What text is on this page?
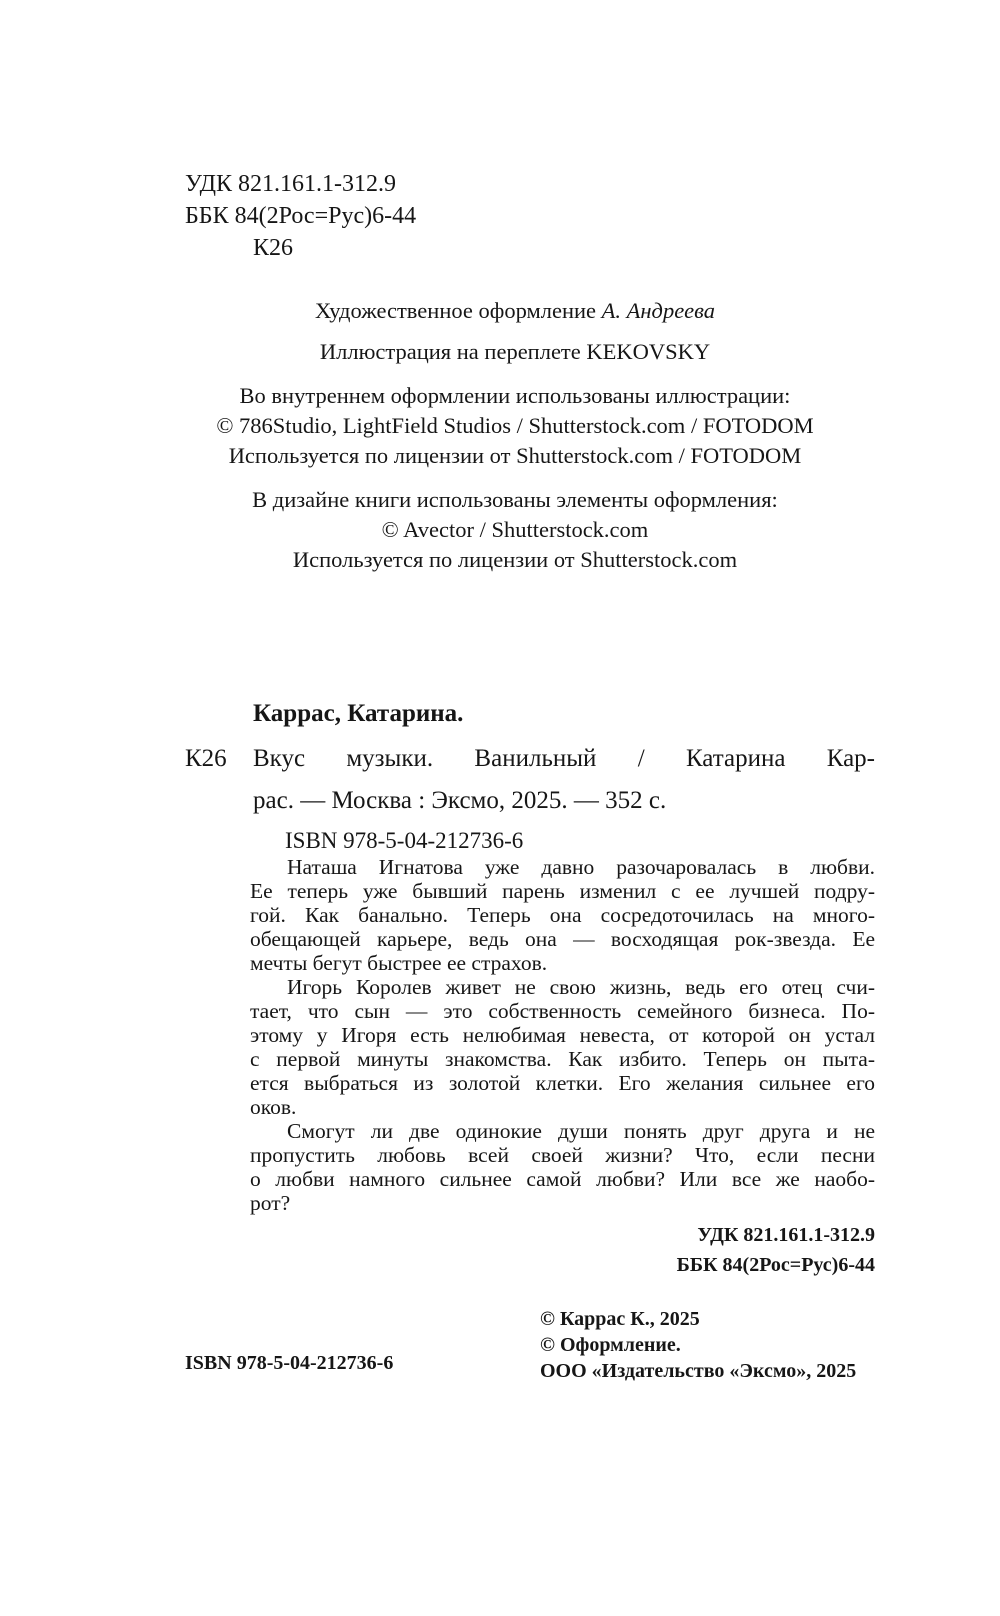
УДК 821.161.1-312.9
ББК 84(2Рос=Рус)6-44
К26
Художественное оформление А. Андреева
Иллюстрация на переплете KEKOVSKY
Во внутреннем оформлении использованы иллюстрации:
© 786Studio, LightField Studios / Shutterstock.com / FOTODOM
Используется по лицензии от Shutterstock.com / FOTODOM
В дизайне книги использованы элементы оформления:
© Avector / Shutterstock.com
Используется по лицензии от Shutterstock.com
Каррас, Катарина.
К26 Вкус музыки. Ванильный / Катарина Кар-
рас. — Москва : Эксмо, 2025. — 352 с.
ISBN 978-5-04-212736-6
Наташа Игнатова уже давно разочаровалась в любви.
Ее теперь уже бывший парень изменил с ее лучшей подру-
гой. Как банально. Теперь она сосредоточилась на много-
обещающей карьере, ведь она — восходящая рок-звезда. Ее
мечты бегут быстрее ее страхов.
Игорь Королев живет не свою жизнь, ведь его отец счи-
тает, что сын — это собственность семейного бизнеса. По-
этому у Игоря есть нелюбимая невеста, от которой он устал
с первой минуты знакомства. Как избито. Теперь он пыта-
ется выбраться из золотой клетки. Его желания сильнее его
оков.
Смогут ли две одинокие души понять друг друга и не
пропустить любовь всей своей жизни? Что, если песни
о любви намного сильнее самой любви? Или все же наобо-
рот?
УДК 821.161.1-312.9
ББК 84(2Рос=Рус)6-44
© Каррас К., 2025
© Оформление.
ООО «Издательство «Эксмо», 2025
ISBN 978-5-04-212736-6
